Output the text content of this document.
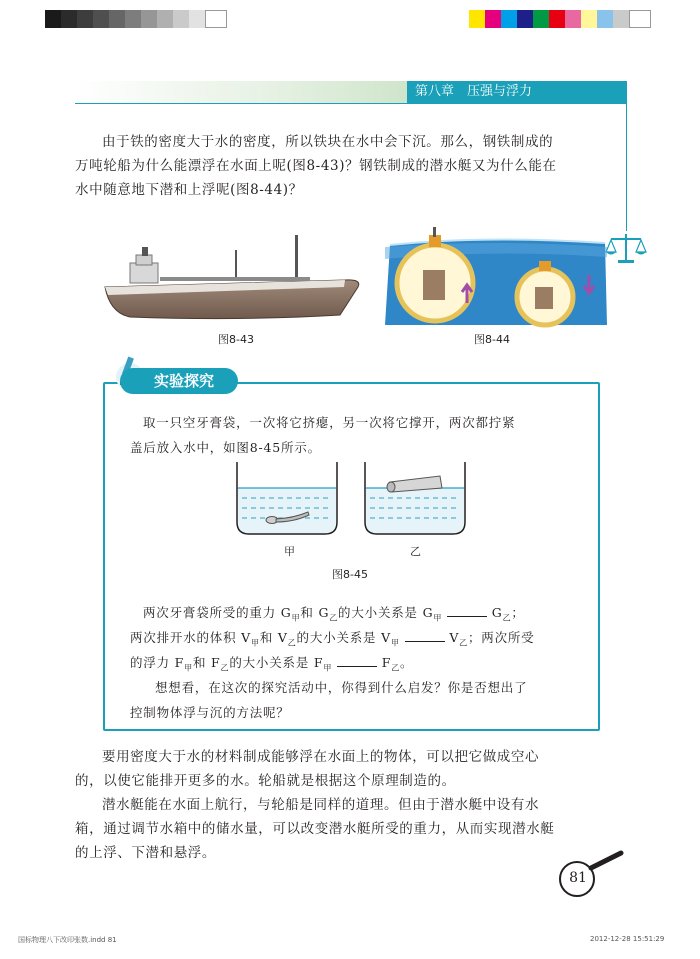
第八章　压强与浮力

由于铁的密度大于水的密度，所以铁块在水中会下沉。那么，钢铁制成的

万吨轮船为什么能漂浮在水面上呢(图8-43)？钢铁制成的潜水艇又为什么能在

水中随意地下潜和上浮呢(图8-44)？

图8-43	图8-44
实验探究

取一只空牙膏袋，一次将它挤瘪，另一次将它撑开，两次都拧紧

盖后放入水中，如图8-45所示。

甲	乙
图8-45

两次牙膏袋所受的重力 $G_甲$和 $G_乙$的大小关系是 $G_甲$	$G_乙$；

两次排开水的体积 $V_甲$和 $V_乙$的大小关系是 $V_甲$	$V_乙$；两次所受

的浮力 $F_甲$和 $F_乙$的大小关系是 $F_甲$	$F_乙$。

想想看，在这次的探究活动中，你得到什么启发？你是否想出了

控制物体浮与沉的方法呢？

要用密度大于水的材料制成能够浮在水面上的物体，可以把它做成空心

的，以使它能排开更多的水。轮船就是根据这个原理制造的。

潜水艇能在水面上航行，与轮船是同样的道理。但由于潜水艇中设有水

箱，通过调节水箱中的储水量，可以改变潜水艇所受的重力，从而实现潜水艇

的上浮、下潜和悬浮。

81
国标物理八下改印张数.indd 81	2012-12-28 15:51:29
